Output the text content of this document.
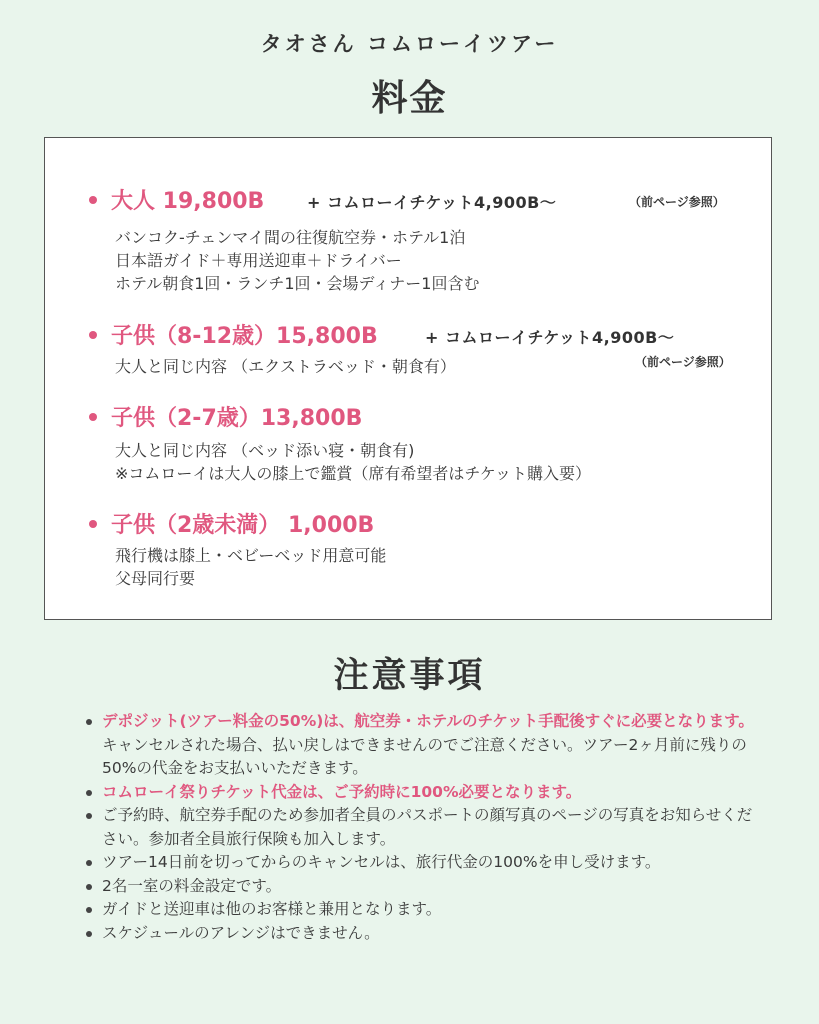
タオさん コムローイツアー
料金
大人 19,800B	+ コムローイチケット4,900B～	（前ページ参照）
バンコク-チェンマイ間の往復航空券・ホテル1泊
日本語ガイド＋専用送迎車＋ドライバー
ホテル朝食1回・ランチ1回・会場ディナー1回含む
子供（8-12歳）15,800B	+ コムローイチケット4,900B～
（前ページ参照）
大人と同じ内容 （エクストラベッド・朝食有）
子供（2-7歳）13,800B
大人と同じ内容 （ベッド添い寝・朝食有)
※コムローイは大人の膝上で鑑賞（席有希望者はチケット購入要）
子供（2歳未満） 1,000B
飛行機は膝上・ベビーベッド用意可能
父母同行要
注意事項
デポジット(ツアー料金の50%)は、航空券・ホテルのチケット手配後すぐに必要となります。キャンセルされた場合、払い戻しはできませんのでご注意ください。ツアー2ヶ月前に残りの50%の代金をお支払いいただきます。
コムローイ祭りチケット代金は、ご予約時に100%必要となります。
ご予約時、航空券手配のため参加者全員のパスポートの顔写真のページの写真をお知らせください。参加者全員旅行保険も加入します。
ツアー14日前を切ってからのキャンセルは、旅行代金の100%を申し受けます。
2名一室の料金設定です。
ガイドと送迎車は他のお客様と兼用となります。
スケジュールのアレンジはできません。
